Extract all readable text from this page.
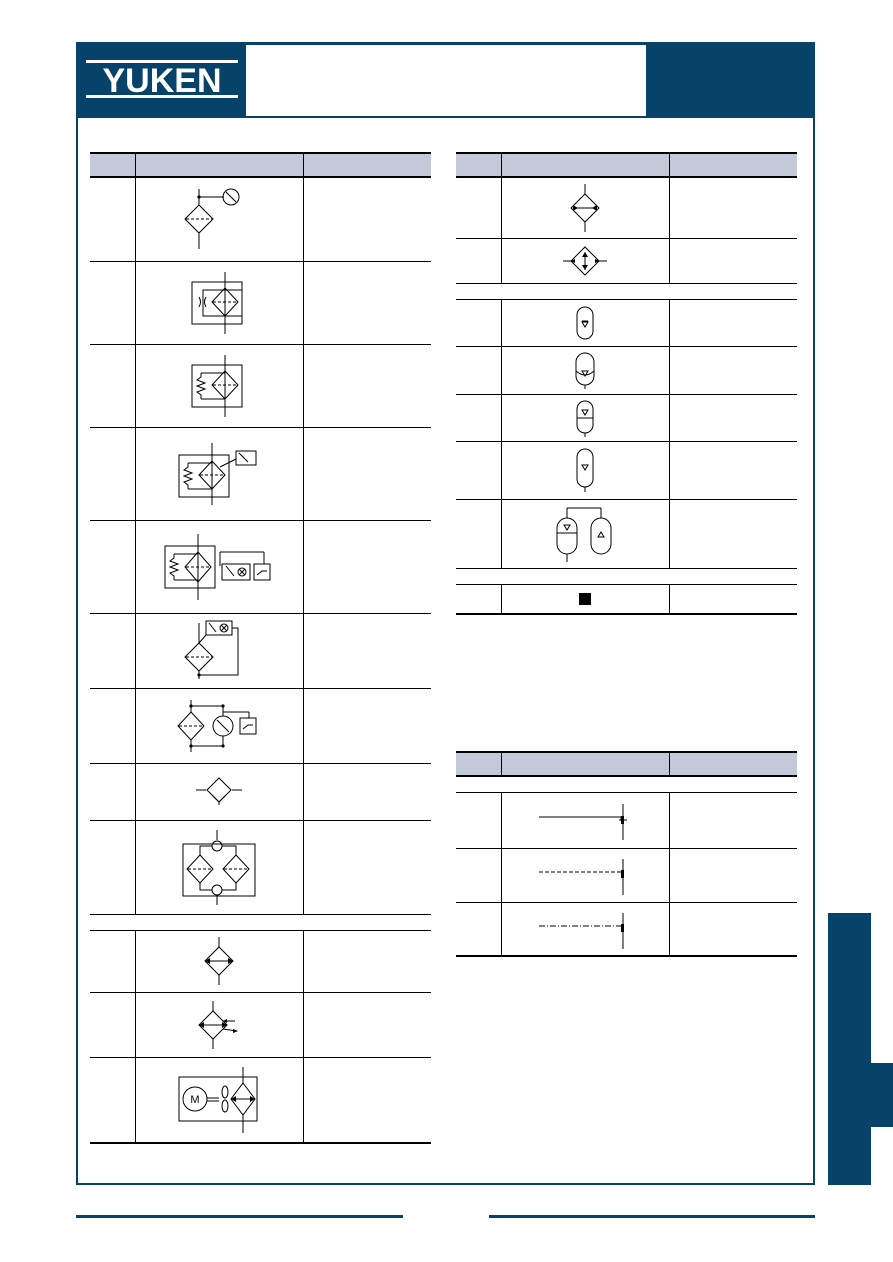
YUKEN

M	
